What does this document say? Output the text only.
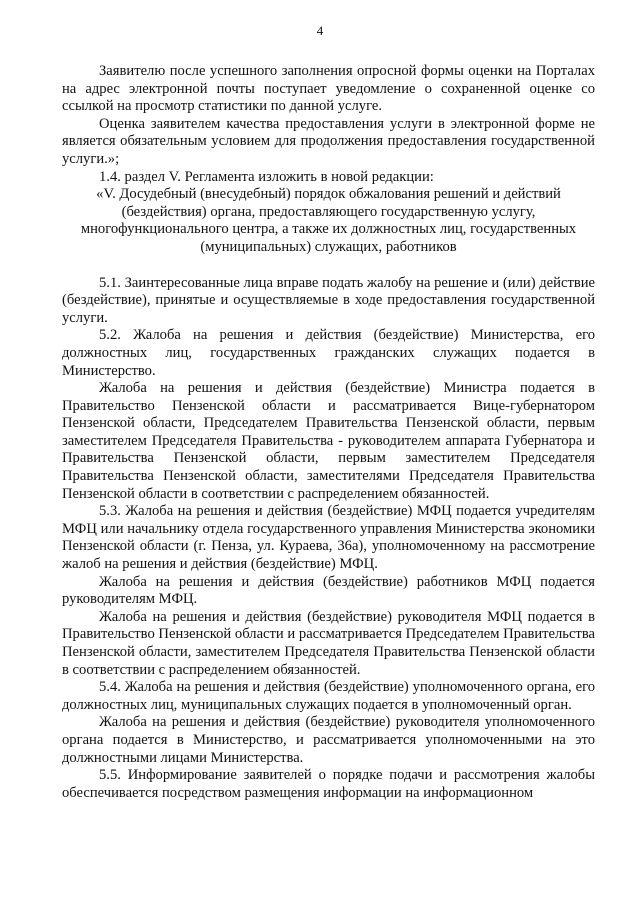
4

Заявителю после успешного заполнения опросной формы оценки на Порталах на адрес электронной почты поступает уведомление о сохраненной оценке со ссылкой на просмотр статистики по данной услуге.

Оценка заявителем качества предоставления услуги в электронной форме не является обязательным условием для продолжения предоставления государственной услуги.»;

1.4. раздел V. Регламента изложить в новой редакции:

«V. Досудебный (внесудебный) порядок обжалования решений и действий (бездействия) органа, предоставляющего государственную услугу, многофункционального центра, а также их должностных лиц, государственных (муниципальных) служащих, работников

5.1. Заинтересованные лица вправе подать жалобу на решение и (или) действие (бездействие), принятые и осуществляемые в ходе предоставления государственной услуги.

5.2. Жалоба на решения и действия (бездействие) Министерства, его должностных лиц, государственных гражданских служащих подается в Министерство.

Жалоба на решения и действия (бездействие) Министра подается в Правительство Пензенской области и рассматривается Вице-губернатором Пензенской области, Председателем Правительства Пензенской области, первым заместителем Председателя Правительства - руководителем аппарата Губернатора и Правительства Пензенской области, первым заместителем Председателя Правительства Пензенской области, заместителями Председателя Правительства Пензенской области в соответствии с распределением обязанностей.

5.3. Жалоба на решения и действия (бездействие) МФЦ подается учредителям МФЦ или начальнику отдела государственного управления Министерства экономики Пензенской области (г. Пенза, ул. Кураева, 36а), уполномоченному на рассмотрение жалоб на решения и действия (бездействие) МФЦ.

Жалоба на решения и действия (бездействие) работников МФЦ подается руководителям МФЦ.

Жалоба на решения и действия (бездействие) руководителя МФЦ подается в Правительство Пензенской области и рассматривается Председателем Правительства Пензенской области, заместителем Председателя Правительства Пензенской области в соответствии с распределением обязанностей.

5.4. Жалоба на решения и действия (бездействие) уполномоченного органа, его должностных лиц, муниципальных служащих подается в уполномоченный орган.

Жалоба на решения и действия (бездействие) руководителя уполномоченного органа подается в Министерство, и рассматривается уполномоченными на это должностными лицами Министерства.

5.5. Информирование заявителей о порядке подачи и рассмотрения жалобы обеспечивается посредством размещения информации на информационном
